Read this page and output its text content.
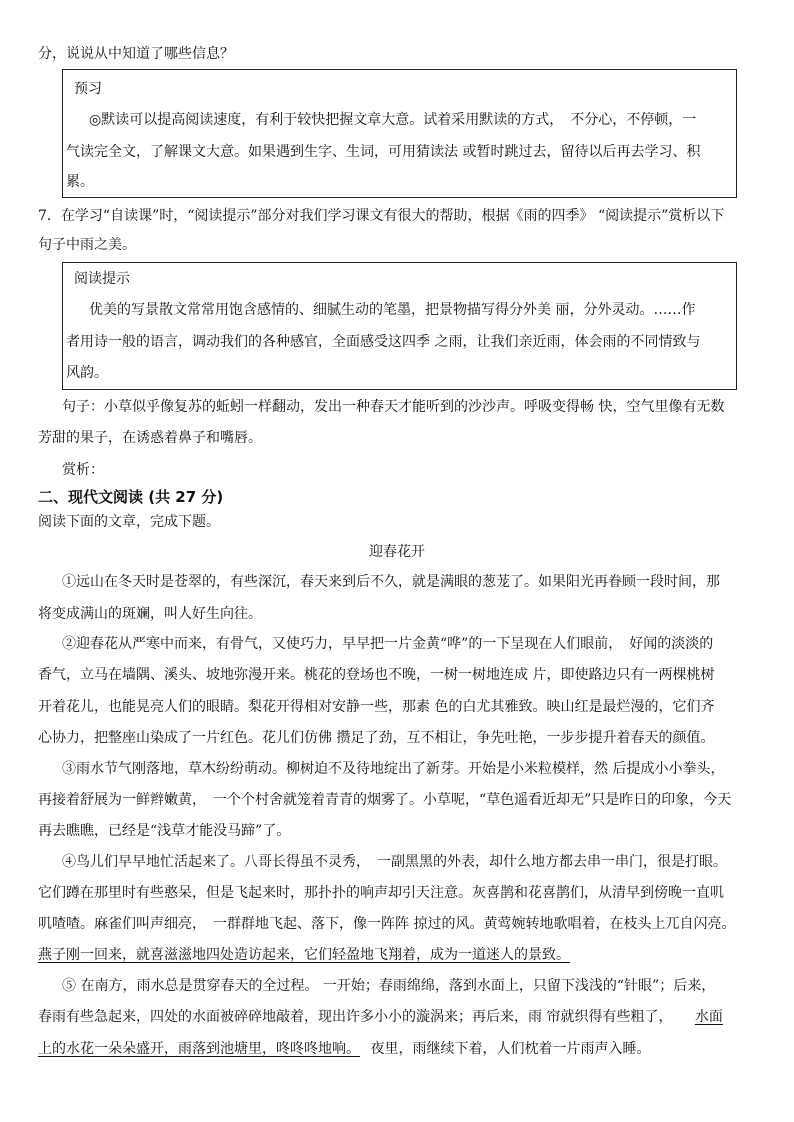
分，说说从中知道了哪些信息？
预习
◎默读可以提高阅读速度，有利于较快把握文章大意。试着采用默读的方式，　不分心，不停顿，一
气读完全文，了解课文大意。如果遇到生字、生词，可用猜读法 或暂时跳过去，留待以后再去学习、积
累。
7．在学习“自读课”时，“阅读提示”部分对我们学习课文有很大的帮助，根据《雨的四季》 “阅读提示”赏析以下
句子中雨之美。
阅读提示
优美的写景散文常常用饱含感情的、细腻生动的笔墨，把景物描写得分外美 丽，分外灵动。……作
者用诗一般的语言，调动我们的各种感官，全面感受这四季 之雨，让我们亲近雨，体会雨的不同情致与
风韵。
句子：小草似乎像复苏的蚯蚓一样翻动，发出一种春天才能听到的沙沙声。呼吸变得畅 快，空气里像有无数
芳甜的果子，在诱惑着鼻子和嘴唇。
赏析：
二、现代文阅读 (共 27 分)
阅读下面的文章，完成下题。
迎春花开
①远山在冬天时是苍翠的，有些深沉，春天来到后不久，就是满眼的葱茏了。如果阳光再眷顾一段时间，那
将变成满山的斑斓，叫人好生向往。
②迎春花从严寒中而来，有骨气，又使巧力，早早把一片金黄“哗”的一下呈现在人们眼前，　好闻的淡淡的
香气，立马在墙隅、溪头、坡地弥漫开来。桃花的登场也不晚，一树一树地连成 片，即使路边只有一两棵桃树
开着花儿，也能晃亮人们的眼睛。梨花开得相对安静一些，那素 色的白尤其雅致。映山红是最烂漫的，它们齐
心协力，把整座山染成了一片红色。花儿们仿佛 攒足了劲，互不相让，争先吐艳，一步步提升着春天的颜值。
③雨水节气刚落地，草木纷纷萌动。柳树迫不及待地绽出了新芽。开始是小米粒模样，然 后提成小小拳头，
再接着舒展为一鲜辫嫩黄，　一个个村舍就笼着青青的烟雾了。小草呢，“草色遥看近却无”只是昨日的印象，今天
再去瞧瞧，已经是“浅草才能没马蹄”了。
④鸟儿们早早地忙活起来了。八哥长得虽不灵秀，　一副黑黑的外表，却什么地方都去串一串门，很是打眼。
它们蹲在那里时有些憨呆，但是飞起来时，那扑扑的响声却引天注意。灰喜鹊和花喜鹊们，从清早到傍晚一直叽
叽喳喳。麻雀们叫声细亮，　一群群地飞起、落下，像一阵阵 掠过的风。黄莺婉转地歌唱着，在枝头上兀自闪亮。
燕子刚一回来，就喜滋滋地四处造访起来，它们轻盈地飞翔着，成为一道迷人的景致。
⑤ 在南方，雨水总是贯穿春天的全过程。 一开始；春雨绵绵，落到水面上，只留下浅浅的“针眼”；后来，
春雨有些急起来，四处的水面被碎碎地敲着，现出许多小小的漩涡来；再后来，雨 帘就织得有些粗了， 水面
上的水花一朵朵盛开，雨落到池塘里，咚咚咚地响。 夜里，雨继续下着，人们枕着一片雨声入睡。
